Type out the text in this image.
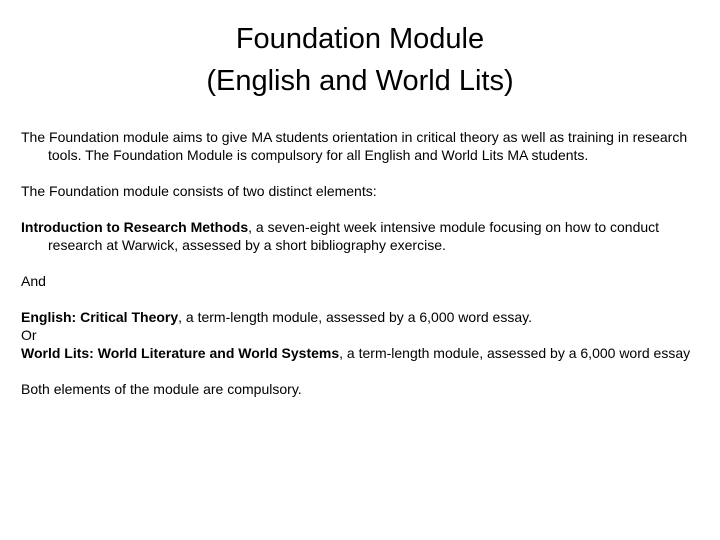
Foundation Module
(English and World Lits)

The Foundation module aims to give MA students orientation in critical theory as well as training in research tools. The Foundation Module is compulsory for all English and World Lits MA students.

The Foundation module consists of two distinct elements:

Introduction to Research Methods, a seven-eight week intensive module focusing on how to conduct research at Warwick, assessed by a short bibliography exercise.

And

English: Critical Theory, a term-length module, assessed by a 6,000 word essay.

Or

World Lits: World Literature and World Systems, a term-length module, assessed by a 6,000 word essay

Both elements of the module are compulsory.
